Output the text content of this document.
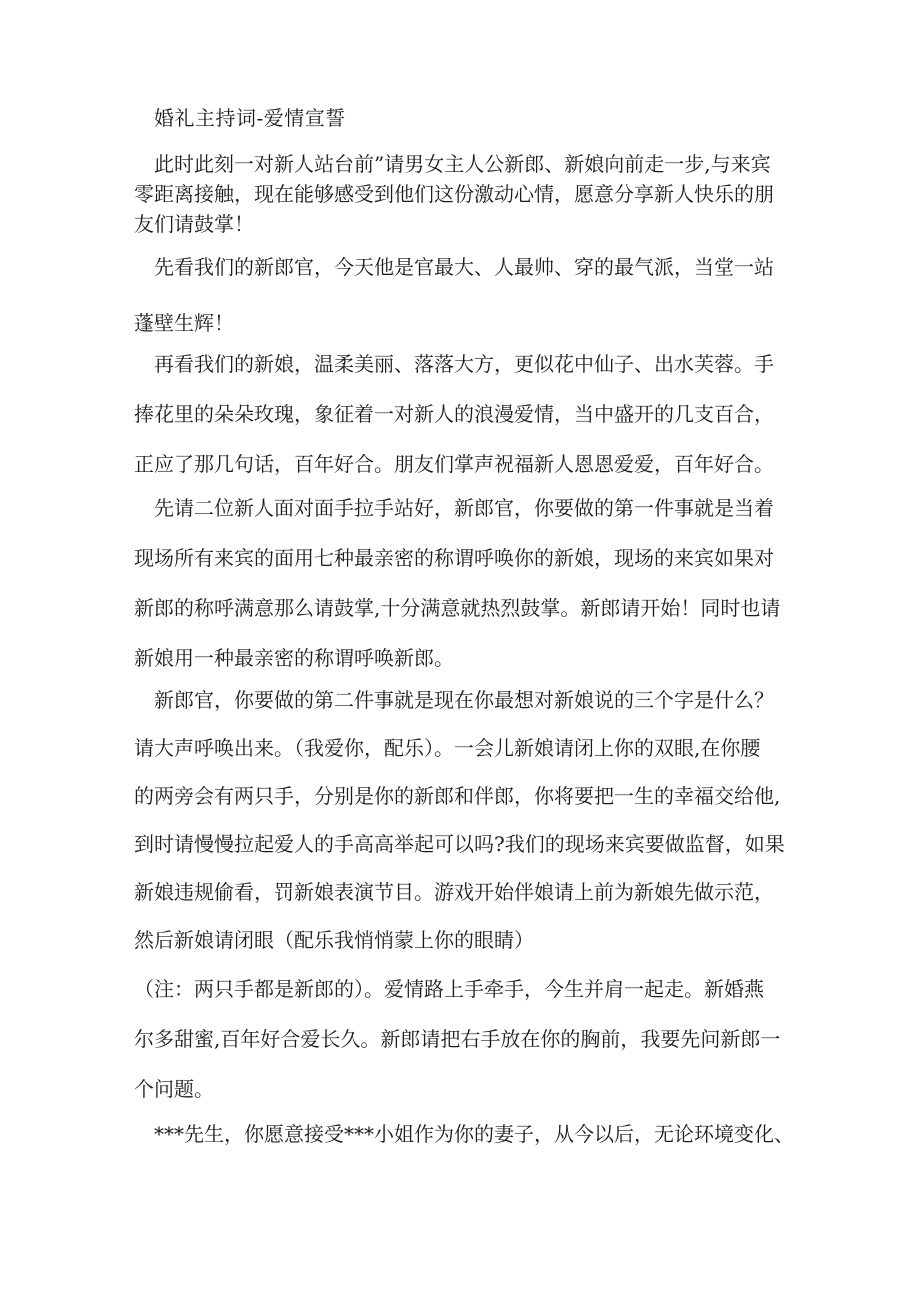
婚礼主持词-爱情宣誓
此时此刻一对新人站台前”请男女主人公新郎、新娘向前走一步,与来宾
零距离接触，现在能够感受到他们这份激动心情，愿意分享新人快乐的朋
友们请鼓掌！
先看我们的新郎官，今天他是官最大、人最帅、穿的最气派，当堂一站
蓬壁生辉！
再看我们的新娘，温柔美丽、落落大方，更似花中仙子、出水芙蓉。手
捧花里的朵朵玫瑰，象征着一对新人的浪漫爱情，当中盛开的几支百合，
正应了那几句话，百年好合。朋友们掌声祝福新人恩恩爱爱，百年好合。
先请二位新人面对面手拉手站好，新郎官，你要做的第一件事就是当着
现场所有来宾的面用七种最亲密的称谓呼唤你的新娘，现场的来宾如果对
新郎的称呼满意那么请鼓掌,十分满意就热烈鼓掌。新郎请开始！同时也请
新娘用一种最亲密的称谓呼唤新郎。
新郎官，你要做的第二件事就是现在你最想对新娘说的三个字是什么？
请大声呼唤出来。（我爱你，配乐）。一会儿新娘请闭上你的双眼,在你腰
的两旁会有两只手，分别是你的新郎和伴郎，你将要把一生的幸福交给他,
到时请慢慢拉起爱人的手高高举起可以吗?我们的现场来宾要做监督，如果
新娘违规偷看，罚新娘表演节目。游戏开始伴娘请上前为新娘先做示范，
然后新娘请闭眼（配乐我悄悄蒙上你的眼睛）
（注：两只手都是新郎的）。爱情路上手牵手，今生并肩一起走。新婚燕
尔多甜蜜,百年好合爱长久。新郎请把右手放在你的胸前，我要先问新郎一
个问题。
***先生，你愿意接受***小姐作为你的妻子，从今以后，无论环境变化、
